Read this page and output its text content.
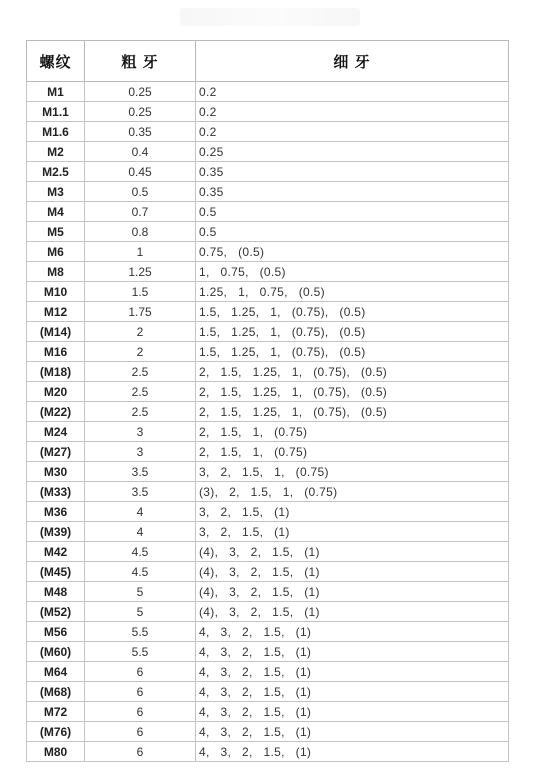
螺纹	粗 牙	细 牙
M1	0.25	0.2
M1.1	0.25	0.2
M1.6	0.35	0.2
M2	0.4	0.25
M2.5	0.45	0.35
M3	0.5	0.35
M4	0.7	0.5
M5	0.8	0.5
M6	1	0.75,   (0.5)
M8	1.25	1,   0.75,   (0.5)
M10	1.5	1.25,   1,   0.75,   (0.5)
M12	1.75	1.5,   1.25,   1,   (0.75),   (0.5)
(M14)	2	1.5,   1.25,   1,   (0.75),   (0.5)
M16	2	1.5,   1.25,   1,   (0.75),   (0.5)
(M18)	2.5	2,   1.5,   1.25,   1,   (0.75),   (0.5)
M20	2.5	2,   1.5,   1.25,   1,   (0.75),   (0.5)
(M22)	2.5	2,   1.5,   1.25,   1,   (0.75),   (0.5)
M24	3	2,   1.5,   1,   (0.75)
(M27)	3	2,   1.5,   1,   (0.75)
M30	3.5	3,   2,   1.5,   1,   (0.75)
(M33)	3.5	(3),   2,   1.5,   1,   (0.75)
M36	4	3,   2,   1.5,   (1)
(M39)	4	3,   2,   1.5,   (1)
M42	4.5	(4),   3,   2,   1.5,   (1)
(M45)	4.5	(4),   3,   2,   1.5,   (1)
M48	5	(4),   3,   2,   1.5,   (1)
(M52)	5	(4),   3,   2,   1.5,   (1)
M56	5.5	4,   3,   2,   1.5,   (1)
(M60)	5.5	4,   3,   2,   1.5,   (1)
M64	6	4,   3,   2,   1.5,   (1)
(M68)	6	4,   3,   2,   1.5,   (1)
M72	6	4,   3,   2,   1.5,   (1)
(M76)	6	4,   3,   2,   1.5,   (1)
M80	6	4,   3,   2,   1.5,   (1)
